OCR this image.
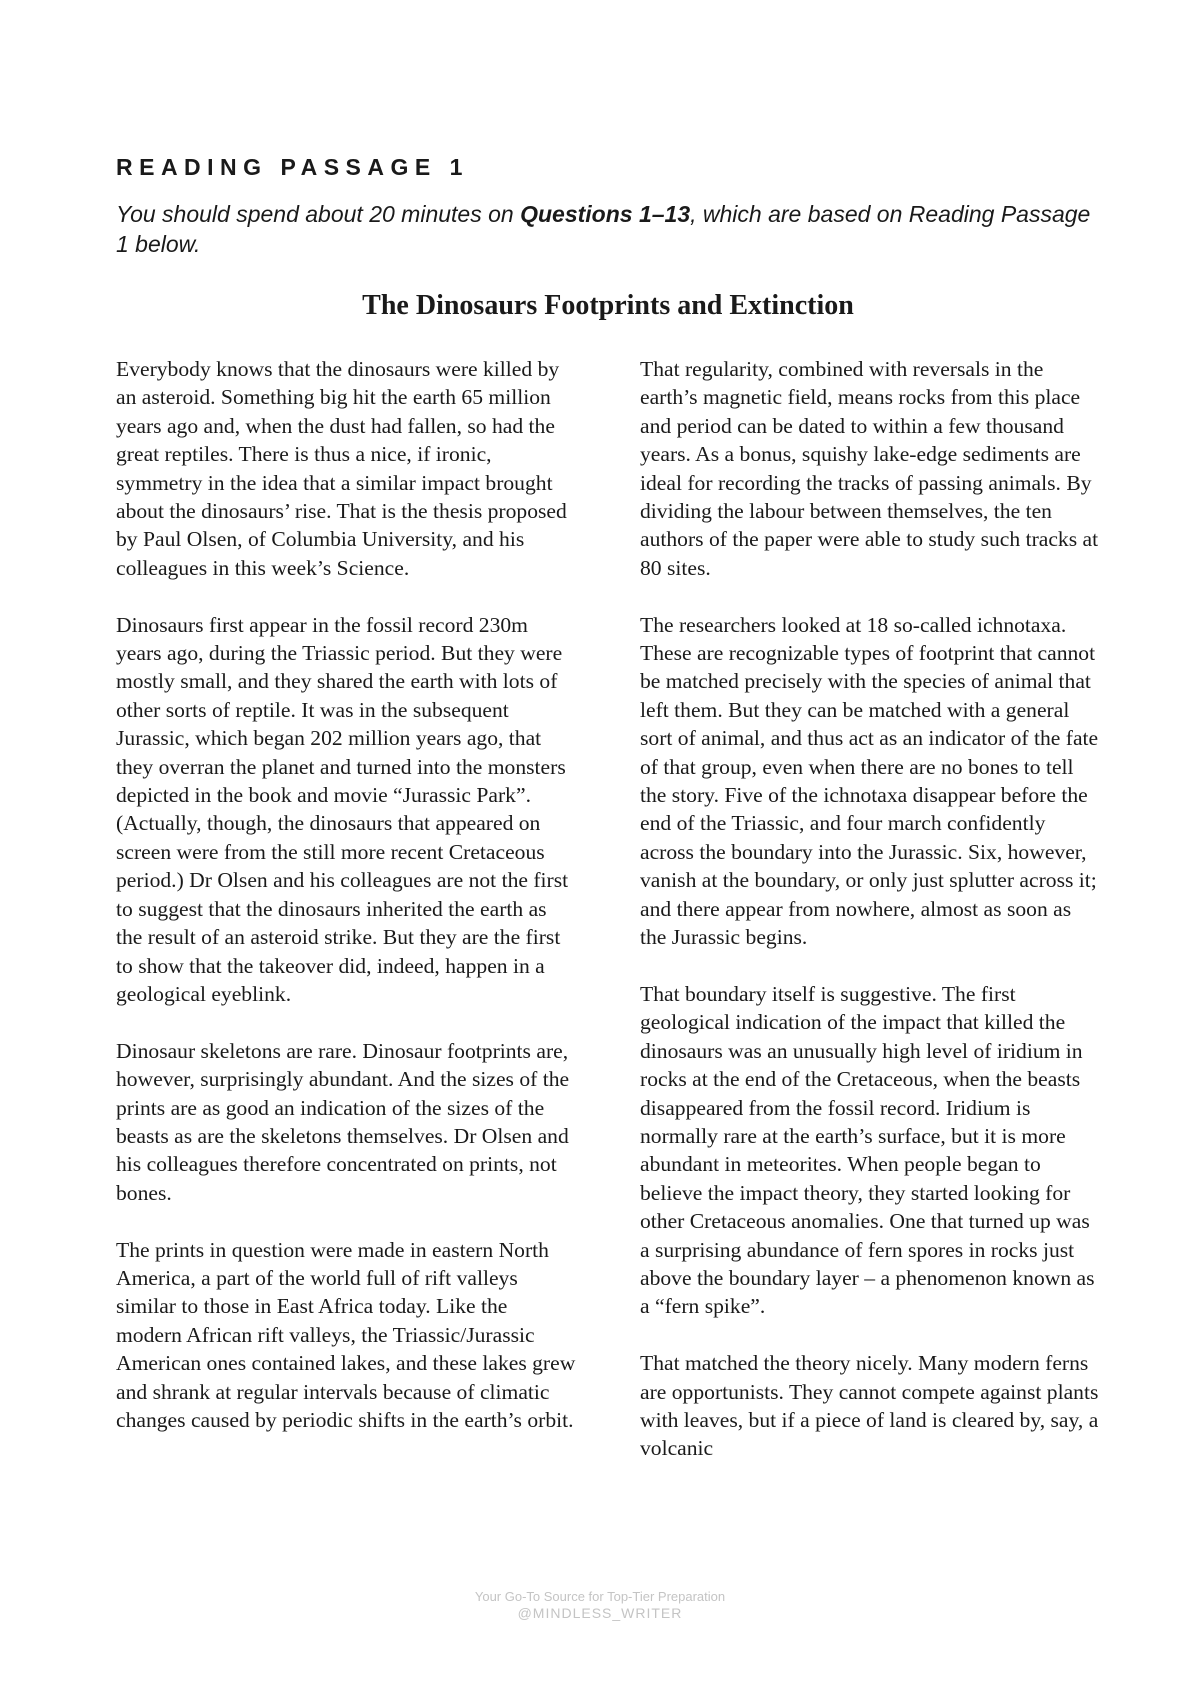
READING PASSAGE 1

You should spend about 20 minutes on Questions 1–13, which are based on Reading Passage 1 below.

The Dinosaurs Footprints and Extinction

Everybody knows that the dinosaurs were killed by an asteroid. Something big hit the earth 65 million years ago and, when the dust had fallen, so had the great reptiles. There is thus a nice, if ironic, symmetry in the idea that a similar impact brought about the dinosaurs’ rise. That is the thesis proposed by Paul Olsen, of Columbia University, and his colleagues in this week’s Science.

Dinosaurs first appear in the fossil record 230m years ago, during the Triassic period. But they were mostly small, and they shared the earth with lots of other sorts of reptile. It was in the subsequent Jurassic, which began 202 million years ago, that they overran the planet and turned into the monsters depicted in the book and movie “Jurassic Park”. (Actually, though, the dinosaurs that appeared on screen were from the still more recent Cretaceous period.) Dr Olsen and his colleagues are not the first to suggest that the dinosaurs inherited the earth as the result of an asteroid strike. But they are the first to show that the takeover did, indeed, happen in a geological eyeblink.

Dinosaur skeletons are rare. Dinosaur footprints are, however, surprisingly abundant. And the sizes of the prints are as good an indication of the sizes of the beasts as are the skeletons themselves. Dr Olsen and his colleagues therefore concentrated on prints, not bones.

The prints in question were made in eastern North America, a part of the world full of rift valleys similar to those in East Africa today. Like the modern African rift valleys, the Triassic/Jurassic American ones contained lakes, and these lakes grew and shrank at regular intervals because of climatic changes caused by periodic shifts in the earth’s orbit.

That regularity, combined with reversals in the earth’s magnetic field, means rocks from this place and period can be dated to within a few thousand years. As a bonus, squishy lake-edge sediments are ideal for recording the tracks of passing animals. By dividing the labour between themselves, the ten authors of the paper were able to study such tracks at 80 sites.

The researchers looked at 18 so-called ichnotaxa. These are recognizable types of footprint that cannot be matched precisely with the species of animal that left them. But they can be matched with a general sort of animal, and thus act as an indicator of the fate of that group, even when there are no bones to tell the story. Five of the ichnotaxa disappear before the end of the Triassic, and four march confidently across the boundary into the Jurassic. Six, however, vanish at the boundary, or only just splutter across it; and there appear from nowhere, almost as soon as the Jurassic begins.

That boundary itself is suggestive. The first geological indication of the impact that killed the dinosaurs was an unusually high level of iridium in rocks at the end of the Cretaceous, when the beasts disappeared from the fossil record. Iridium is normally rare at the earth’s surface, but it is more abundant in meteorites. When people began to believe the impact theory, they started looking for other Cretaceous anomalies. One that turned up was a surprising abundance of fern spores in rocks just above the boundary layer – a phenomenon known as a “fern spike”.

That matched the theory nicely. Many modern ferns are opportunists. They cannot compete against plants with leaves, but if a piece of land is cleared by, say, a volcanic

Your Go-To Source for Top-Tier Preparation
@MINDLESS_WRITER
